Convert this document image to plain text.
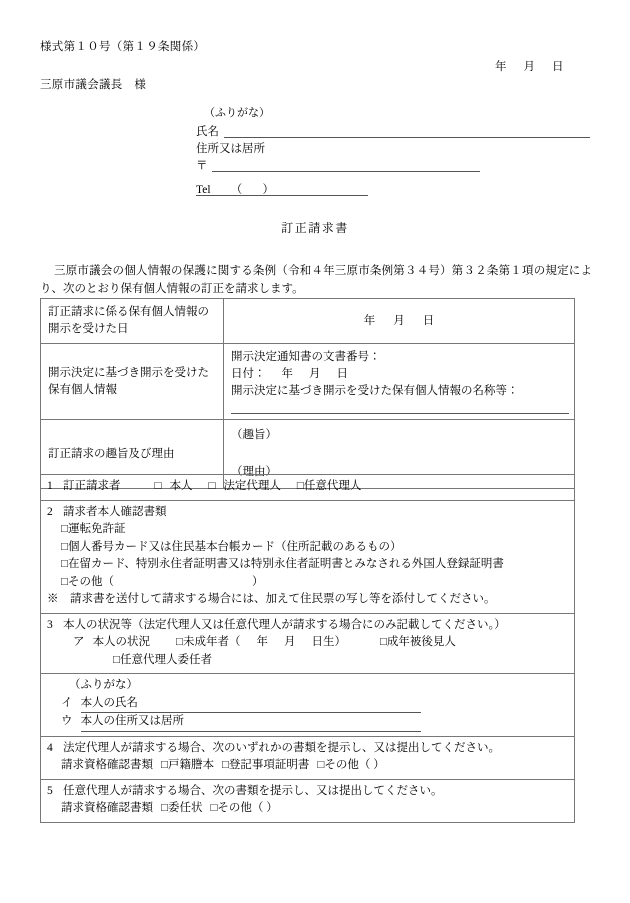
様式第１０号（第１９条関係）
年 月 日
三原市議会議長　様
（ふりがな）
氏名
住所又は居所
〒
Tel （ ）
訂正請求書
三原市議会の個人情報の保護に関する条例（令和４年三原市条例第３４号）第３２条第１項の規定により、次のとおり保有個人情報の訂正を請求します。
訂正請求に係る保有個人情報の開示を受けた日	年 月 日
開示決定に基づき開示を受けた保有個人情報	開示決定通知書の文書番号：
日付： 年 月 日
開示決定に基づき開示を受けた保有個人情報の名称等：

訂正請求の趣旨及び理由	（趣旨）
（理由）
1 訂正請求者	□ 本人 □ 法定代理人 □任意代理人

2 請求者本人確認書類
□運転免許証
□個人番号カード又は住民基本台帳カード（住所記載のあるもの）
□在留カード、特別永住者証明書又は特別永住者証明書とみなされる外国人登録証明書
□その他（　　　　　　　　　　　　）
※　請求書を送付して請求する場合には、加えて住民票の写し等を添付してください。

3 本人の状況等（法定代理人又は任意代理人が請求する場合にのみ記載してください。）
ア 本人の状況 □未成年者（ 年 月 日生）	□成年被後見人
□任意代理人委任者

（ふりがな）
イ 本人の氏名
ウ 本人の住所又は居所

4 法定代理人が請求する場合、次のいずれかの書類を提示し、又は提出してください。
請求資格確認書類 □戸籍謄本 □登記事項証明書 □その他（ ）

5 任意代理人が請求する場合、次の書類を提示し、又は提出してください。
請求資格確認書類 □委任状 □その他（ ）
